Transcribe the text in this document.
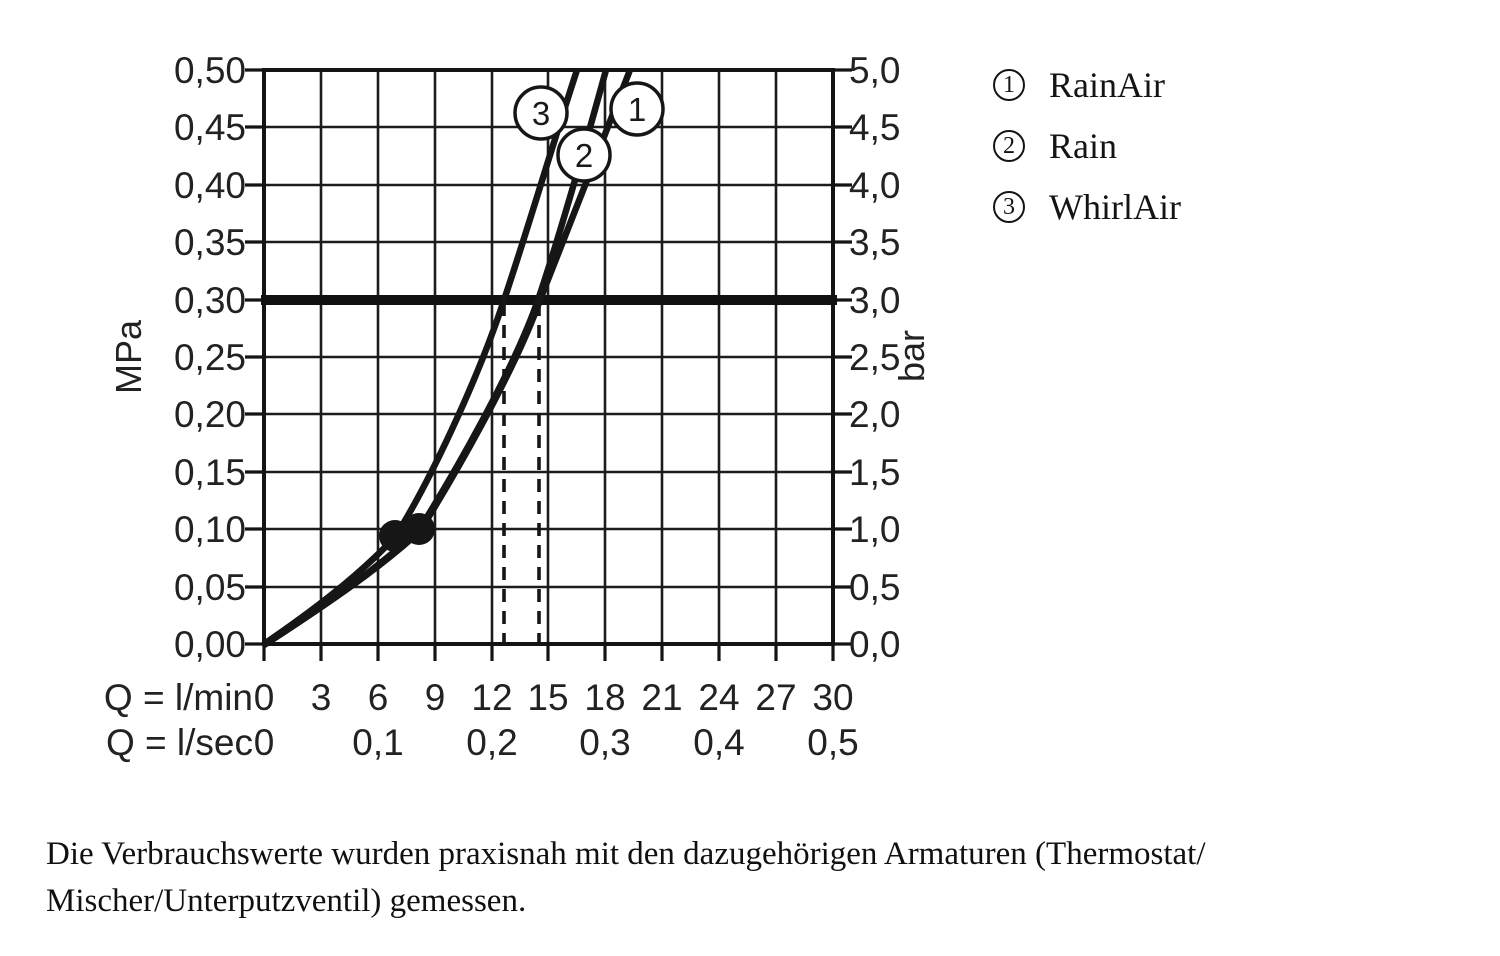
3
2
1
0,50
0,45
0,40
0,35
0,30
0,25
0,20
0,15
0,10
0,05
0,00
5,0
4,5
4,0
3,5
3,0
2,5
2,0
1,5
1,0
0,5
0,0
MPa	bar
Q = l/min
Q = l/sec
0 3 6 9 12 15 18 21 24 27 30
0 0,1 0,2 0,3 0,4 0,5
1 RainAir
2 Rain
3 WhirlAir
Die Verbrauchswerte wurden praxisnah mit den dazugehörigen Armaturen (Thermostat/
Mischer/Unterputzventil) gemessen.
